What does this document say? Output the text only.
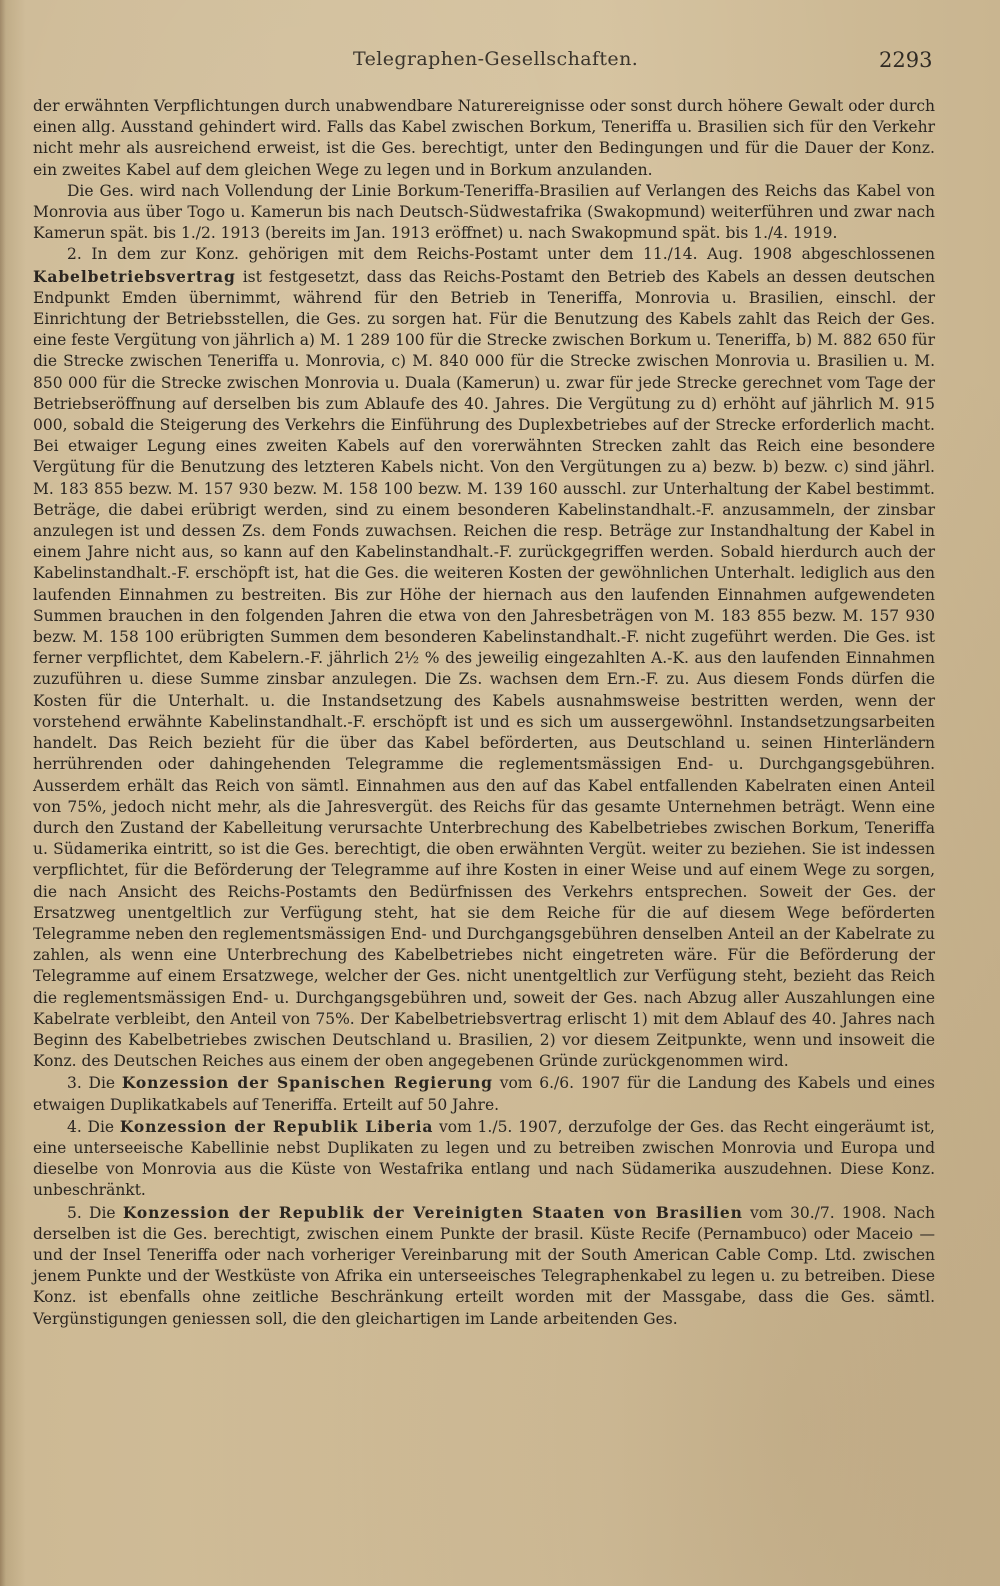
Telegraphen-Gesellschaften.	2293

der erwähnten Verpflichtungen durch unabwendbare Naturereignisse oder sonst durch höhere Gewalt oder durch einen allg. Ausstand gehindert wird. Falls das Kabel zwischen Borkum, Teneriffa u. Brasilien sich für den Verkehr nicht mehr als ausreichend erweist, ist die Ges. berechtigt, unter den Bedingungen und für die Dauer der Konz. ein zweites Kabel auf dem gleichen Wege zu legen und in Borkum anzulanden.

Die Ges. wird nach Vollendung der Linie Borkum-Teneriffa-Brasilien auf Verlangen des Reichs das Kabel von Monrovia aus über Togo u. Kamerun bis nach Deutsch-Südwestafrika (Swakopmund) weiterführen und zwar nach Kamerun spät. bis 1./2. 1913 (bereits im Jan. 1913 eröffnet) u. nach Swakopmund spät. bis 1./4. 1919.

2. In dem zur Konz. gehörigen mit dem Reichs-Postamt unter dem 11./14. Aug. 1908 abgeschlossenen Kabelbetriebsvertrag ist festgesetzt, dass das Reichs-Postamt den Betrieb des Kabels an dessen deutschen Endpunkt Emden übernimmt, während für den Betrieb in Teneriffa, Monrovia u. Brasilien, einschl. der Einrichtung der Betriebsstellen, die Ges. zu sorgen hat. Für die Benutzung des Kabels zahlt das Reich der Ges. eine feste Vergütung von jährlich a) M. 1 289 100 für die Strecke zwischen Borkum u. Teneriffa, b) M. 882 650 für die Strecke zwischen Teneriffa u. Monrovia, c) M. 840 000 für die Strecke zwischen Monrovia u. Brasilien u. M. 850 000 für die Strecke zwischen Monrovia u. Duala (Kamerun) u. zwar für jede Strecke gerechnet vom Tage der Betriebseröffnung auf derselben bis zum Ablaufe des 40. Jahres. Die Vergütung zu d) erhöht auf jährlich M. 915 000, sobald die Steigerung des Verkehrs die Einführung des Duplexbetriebes auf der Strecke erforderlich macht. Bei etwaiger Legung eines zweiten Kabels auf den vorerwähnten Strecken zahlt das Reich eine besondere Vergütung für die Benutzung des letzteren Kabels nicht. Von den Vergütungen zu a) bezw. b) bezw. c) sind jährl. M. 183 855 bezw. M. 157 930 bezw. M. 158 100 bezw. M. 139 160 ausschl. zur Unterhaltung der Kabel bestimmt. Beträge, die dabei erübrigt werden, sind zu einem besonderen Kabelinstandhalt.-F. anzusammeln, der zinsbar anzulegen ist und dessen Zs. dem Fonds zuwachsen. Reichen die resp. Beträge zur Instandhaltung der Kabel in einem Jahre nicht aus, so kann auf den Kabelinstandhalt.-F. zurückgegriffen werden. Sobald hierdurch auch der Kabelinstandhalt.-F. erschöpft ist, hat die Ges. die weiteren Kosten der gewöhnlichen Unterhalt. lediglich aus den laufenden Einnahmen zu bestreiten. Bis zur Höhe der hiernach aus den laufenden Einnahmen aufgewendeten Summen brauchen in den folgenden Jahren die etwa von den Jahresbeträgen von M. 183 855 bezw. M. 157 930 bezw. M. 158 100 erübrigten Summen dem besonderen Kabelinstandhalt.-F. nicht zugeführt werden. Die Ges. ist ferner verpflichtet, dem Kabelern.-F. jährlich 2½ % des jeweilig eingezahlten A.-K. aus den laufenden Einnahmen zuzuführen u. diese Summe zinsbar anzulegen. Die Zs. wachsen dem Ern.-F. zu. Aus diesem Fonds dürfen die Kosten für die Unterhalt. u. die Instandsetzung des Kabels ausnahmsweise bestritten werden, wenn der vorstehend erwähnte Kabelinstandhalt.-F. erschöpft ist und es sich um aussergewöhnl. Instandsetzungsarbeiten handelt. Das Reich bezieht für die über das Kabel beförderten, aus Deutschland u. seinen Hinterländern herrührenden oder dahingehenden Telegramme die reglementsmässigen End- u. Durchgangsgebühren. Ausserdem erhält das Reich von sämtl. Einnahmen aus den auf das Kabel entfallenden Kabelraten einen Anteil von 75%, jedoch nicht mehr, als die Jahresvergüt. des Reichs für das gesamte Unternehmen beträgt. Wenn eine durch den Zustand der Kabelleitung verursachte Unterbrechung des Kabelbetriebes zwischen Borkum, Teneriffa u. Südamerika eintritt, so ist die Ges. berechtigt, die oben erwähnten Vergüt. weiter zu beziehen. Sie ist indessen verpflichtet, für die Beförderung der Telegramme auf ihre Kosten in einer Weise und auf einem Wege zu sorgen, die nach Ansicht des Reichs-Postamts den Bedürfnissen des Verkehrs entsprechen. Soweit der Ges. der Ersatzweg unentgeltlich zur Verfügung steht, hat sie dem Reiche für die auf diesem Wege beförderten Telegramme neben den reglementsmässigen End- und Durchgangsgebühren denselben Anteil an der Kabelrate zu zahlen, als wenn eine Unterbrechung des Kabelbetriebes nicht eingetreten wäre. Für die Beförderung der Telegramme auf einem Ersatzwege, welcher der Ges. nicht unentgeltlich zur Verfügung steht, bezieht das Reich die reglementsmässigen End- u. Durchgangsgebühren und, soweit der Ges. nach Abzug aller Auszahlungen eine Kabelrate verbleibt, den Anteil von 75%. Der Kabelbetriebsvertrag erlischt 1) mit dem Ablauf des 40. Jahres nach Beginn des Kabelbetriebes zwischen Deutschland u. Brasilien, 2) vor diesem Zeitpunkte, wenn und insoweit die Konz. des Deutschen Reiches aus einem der oben angegebenen Gründe zurückgenommen wird.

3. Die Konzession der Spanischen Regierung vom 6./6. 1907 für die Landung des Kabels und eines etwaigen Duplikatkabels auf Teneriffa. Erteilt auf 50 Jahre.

4. Die Konzession der Republik Liberia vom 1./5. 1907, derzufolge der Ges. das Recht eingeräumt ist, eine unterseeische Kabellinie nebst Duplikaten zu legen und zu betreiben zwischen Monrovia und Europa und dieselbe von Monrovia aus die Küste von Westafrika entlang und nach Südamerika auszudehnen. Diese Konz. unbeschränkt.

5. Die Konzession der Republik der Vereinigten Staaten von Brasilien vom 30./7. 1908. Nach derselben ist die Ges. berechtigt, zwischen einem Punkte der brasil. Küste Recife (Pernambuco) oder Maceio — und der Insel Teneriffa oder nach vorheriger Vereinbarung mit der South American Cable Comp. Ltd. zwischen jenem Punkte und der Westküste von Afrika ein unterseeisches Telegraphenkabel zu legen u. zu betreiben. Diese Konz. ist ebenfalls ohne zeitliche Beschränkung erteilt worden mit der Massgabe, dass die Ges. sämtl. Vergünstigungen geniessen soll, die den gleichartigen im Lande arbeitenden Ges.
